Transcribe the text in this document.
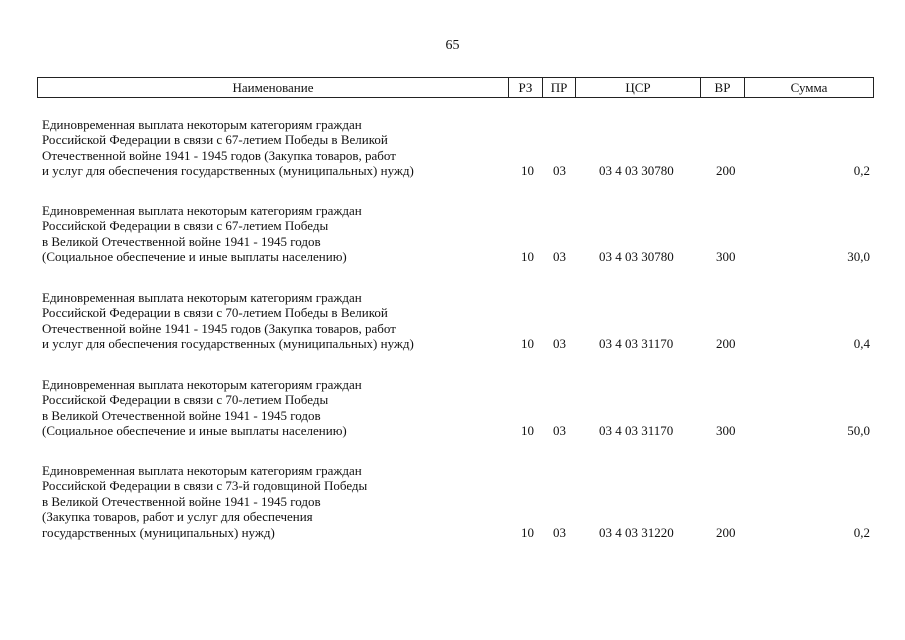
65
Наименование	РЗ	ПР	ЦСР	ВР	Сумма
Единовременная выплата некоторым категориям граждан
Российской Федерации в связи с 67-летием Победы в Великой
Отечественной войне 1941 - 1945 годов (Закупка товаров, работ
и услуг для обеспечения государственных (муниципальных) нужд)	10 03	03 4 03 30780	200	0,2
Единовременная выплата некоторым категориям граждан
Российской Федерации в связи с 67-летием Победы
в Великой Отечественной войне 1941 - 1945 годов
(Социальное обеспечение и иные выплаты населению)	10 03	03 4 03 30780	300	30,0
Единовременная выплата некоторым категориям граждан
Российской Федерации в связи с 70-летием Победы в Великой
Отечественной войне 1941 - 1945 годов (Закупка товаров, работ
и услуг для обеспечения государственных (муниципальных) нужд)	10 03	03 4 03 31170	200	0,4
Единовременная выплата некоторым категориям граждан
Российской Федерации в связи с 70-летием Победы
в Великой Отечественной войне 1941 - 1945 годов
(Социальное обеспечение и иные выплаты населению)	10 03	03 4 03 31170	300	50,0
Единовременная выплата некоторым категориям граждан
Российской Федерации в связи с 73-й годовщиной Победы
в Великой Отечественной войне 1941 - 1945 годов
(Закупка товаров, работ и услуг для обеспечения
государственных (муниципальных) нужд)	10 03	03 4 03 31220	200	0,2
